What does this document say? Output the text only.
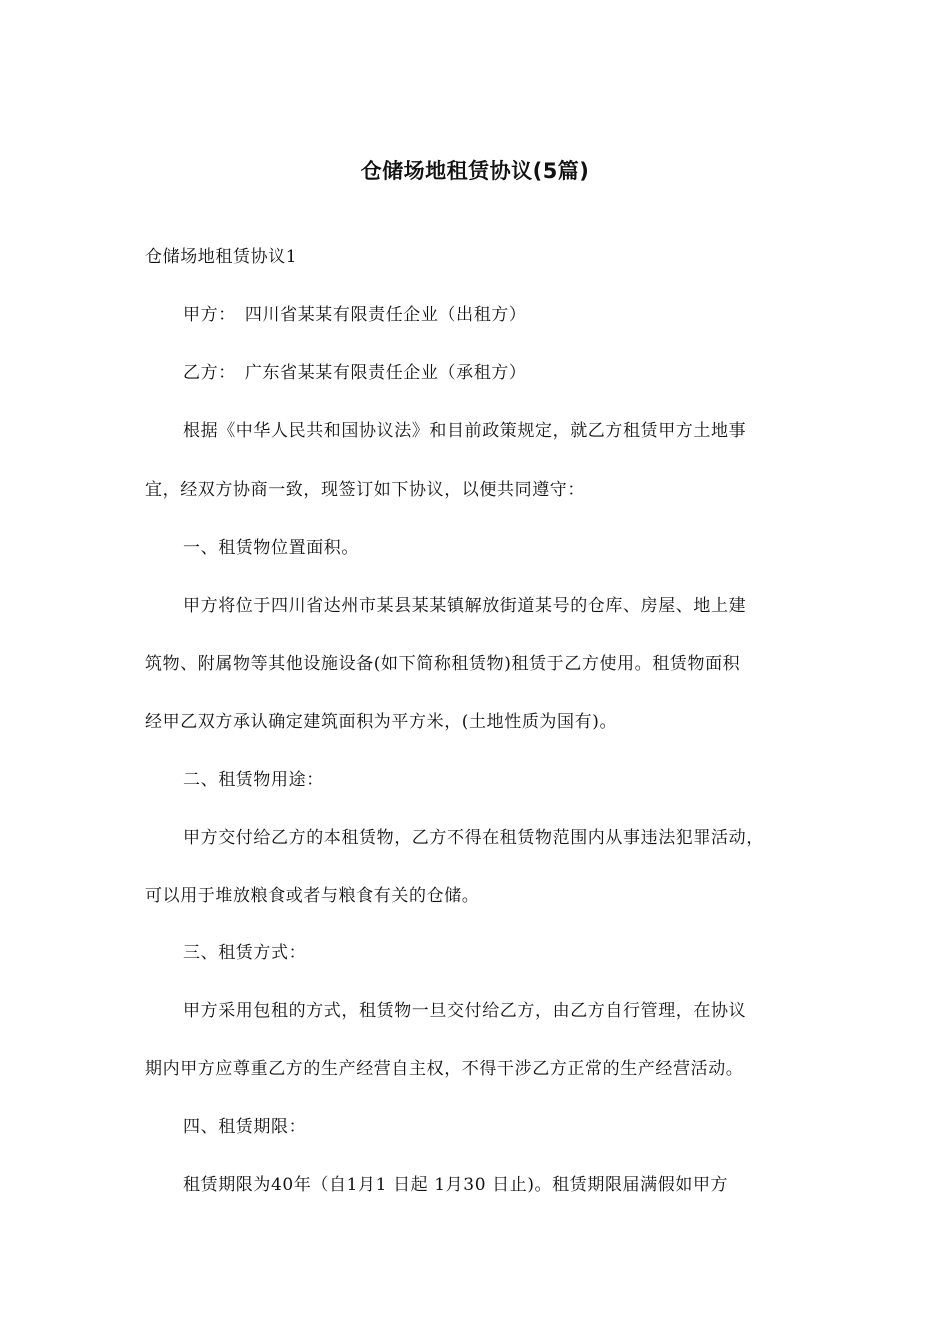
仓储场地租赁协议(5篇)
仓储场地租赁协议1
甲方：　四川省某某有限责任企业（出租方）
乙方：　广东省某某有限责任企业（承租方）
根据《中华人民共和国协议法》和目前政策规定，就乙方租赁甲方土地事
宜，经双方协商一致，现签订如下协议，以便共同遵守：
一、租赁物位置面积。
甲方将位于四川省达州市某县某某镇解放街道某号的仓库、房屋、地上建
筑物、附属物等其他设施设备(如下简称租赁物)租赁于乙方使用。租赁物面积
经甲乙双方承认确定建筑面积为平方米，(土地性质为国有)。
二、租赁物用途：
甲方交付给乙方的本租赁物，乙方不得在租赁物范围内从事违法犯罪活动，
可以用于堆放粮食或者与粮食有关的仓储。
三、租赁方式：
甲方采用包租的方式，租赁物一旦交付给乙方，由乙方自行管理，在协议
期内甲方应尊重乙方的生产经营自主权，不得干涉乙方正常的生产经营活动。
四、租赁期限：
租赁期限为40年（自1月1 日起 1月30 日止)。租赁期限届满假如甲方
